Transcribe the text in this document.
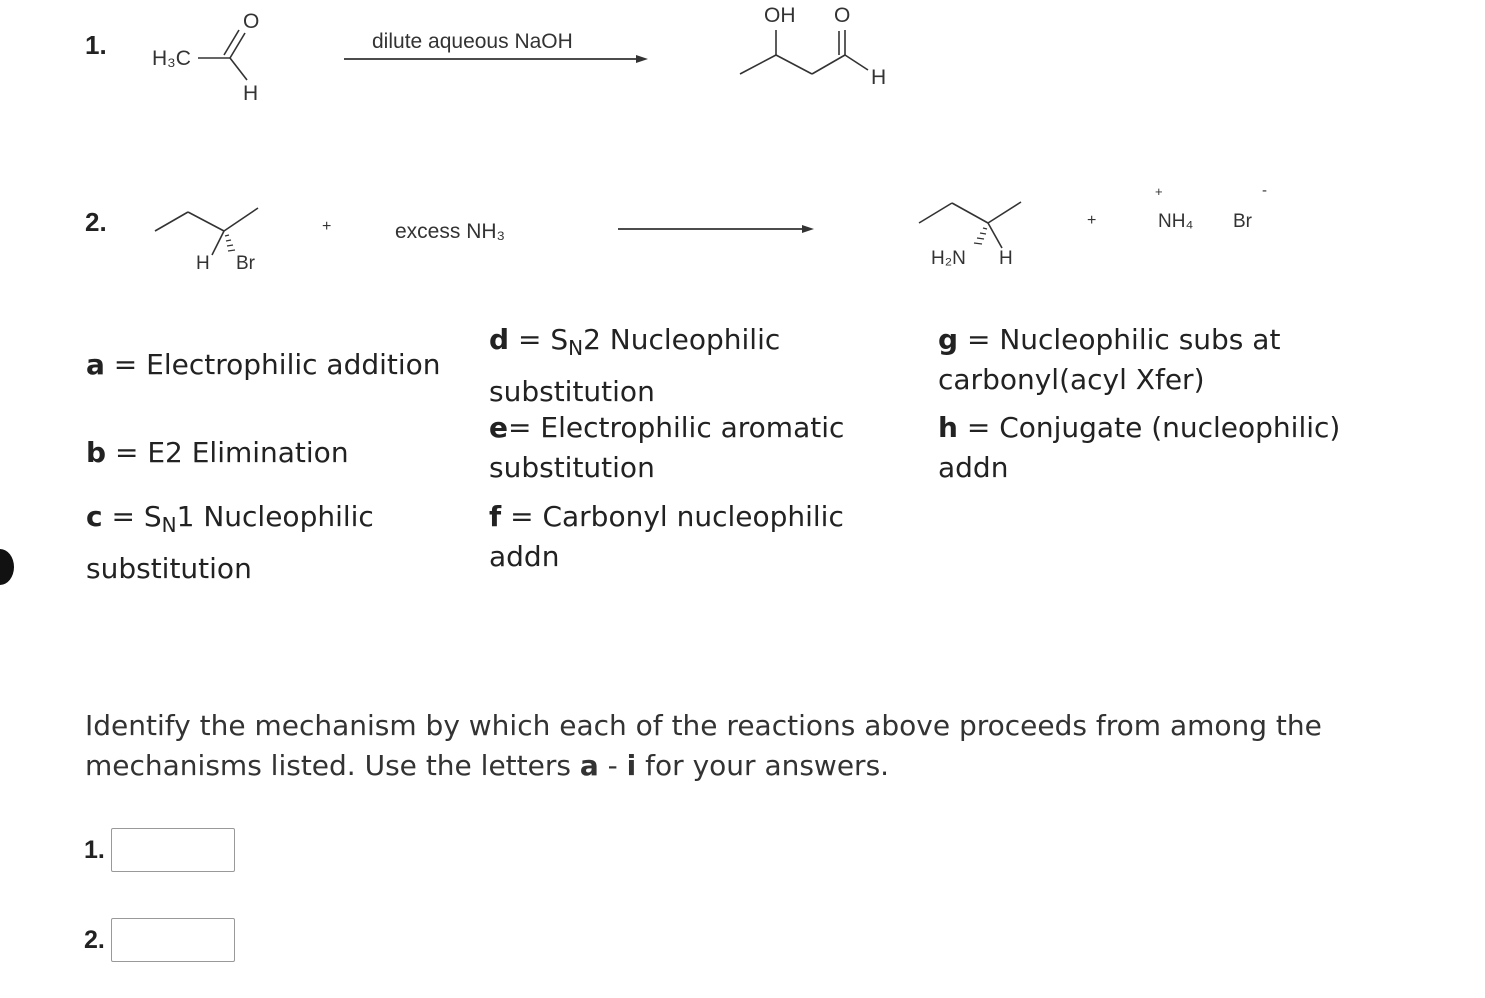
1. H₃C
O
H
dilute aqueous NaOH
OH O
H
2.
H Br
+	excess NH₃
H₂N H
+
+
NH₄ Br
-
a = Electrophilic addition
b = E2 Elimination
$c = S_N1$ Nucleophilic
substitution
$d = S_N2$ Nucleophilic
substitution
e= Electrophilic aromatic
substitution
f = Carbonyl nucleophilic
addn
g = Nucleophilic subs at
carbonyl(acyl Xfer)
h = Conjugate (nucleophilic)
addn
Identify the mechanism by which each of the reactions above proceeds from among the
mechanisms listed. Use the letters a - i for your answers.
1.
2.
